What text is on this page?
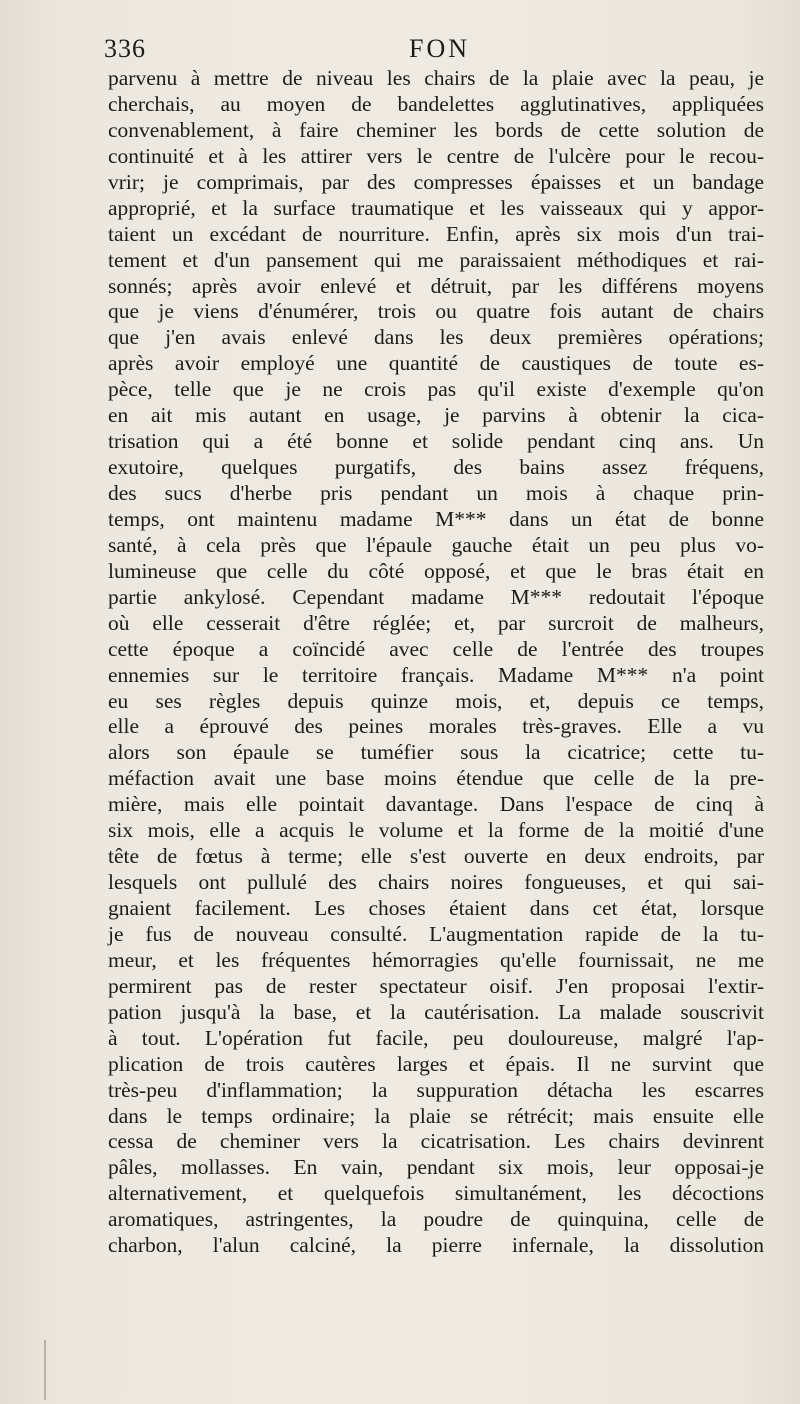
336	FON
parvenu à mettre de niveau les chairs de la plaie avec la peau, je
cherchais, au moyen de bandelettes agglutinatives, appliquées
convenablement, à faire cheminer les bords de cette solution de
continuité et à les attirer vers le centre de l'ulcère pour le recou-
vrir; je comprimais, par des compresses épaisses et un bandage
approprié, et la surface traumatique et les vaisseaux qui y appor-
taient un excédant de nourriture. Enfin, après six mois d'un trai-
tement et d'un pansement qui me paraissaient méthodiques et rai-
sonnés; après avoir enlevé et détruit, par les différens moyens
que je viens d'énumérer, trois ou quatre fois autant de chairs
que j'en avais enlevé dans les deux premières opérations;
après avoir employé une quantité de caustiques de toute es-
pèce, telle que je ne crois pas qu'il existe d'exemple qu'on
en ait mis autant en usage, je parvins à obtenir la cica-
trisation qui a été bonne et solide pendant cinq ans. Un
exutoire, quelques purgatifs, des bains assez fréquens,
des sucs d'herbe pris pendant un mois à chaque prin-
temps, ont maintenu madame M*** dans un état de bonne
santé, à cela près que l'épaule gauche était un peu plus vo-
lumineuse que celle du côté opposé, et que le bras était en
partie ankylosé. Cependant madame M*** redoutait l'époque
où elle cesserait d'être réglée; et, par surcroit de malheurs,
cette époque a coïncidé avec celle de l'entrée des troupes
ennemies sur le territoire français. Madame M*** n'a point
eu ses règles depuis quinze mois, et, depuis ce temps,
elle a éprouvé des peines morales très-graves. Elle a vu
alors son épaule se tuméfier sous la cicatrice; cette tu-
méfaction avait une base moins étendue que celle de la pre-
mière, mais elle pointait davantage. Dans l'espace de cinq à
six mois, elle a acquis le volume et la forme de la moitié d'une
tête de fœtus à terme; elle s'est ouverte en deux endroits, par
lesquels ont pullulé des chairs noires fongueuses, et qui sai-
gnaient facilement. Les choses étaient dans cet état, lorsque
je fus de nouveau consulté. L'augmentation rapide de la tu-
meur, et les fréquentes hémorragies qu'elle fournissait, ne me
permirent pas de rester spectateur oisif. J'en proposai l'extir-
pation jusqu'à la base, et la cautérisation. La malade souscrivit
à tout. L'opération fut facile, peu douloureuse, malgré l'ap-
plication de trois cautères larges et épais. Il ne survint que
très-peu d'inflammation; la suppuration détacha les escarres
dans le temps ordinaire; la plaie se rétrécit; mais ensuite elle
cessa de cheminer vers la cicatrisation. Les chairs devinrent
pâles, mollasses. En vain, pendant six mois, leur opposai-je
alternativement, et quelquefois simultanément, les décoctions
aromatiques, astringentes, la poudre de quinquina, celle de
charbon, l'alun calciné, la pierre infernale, la dissolution
